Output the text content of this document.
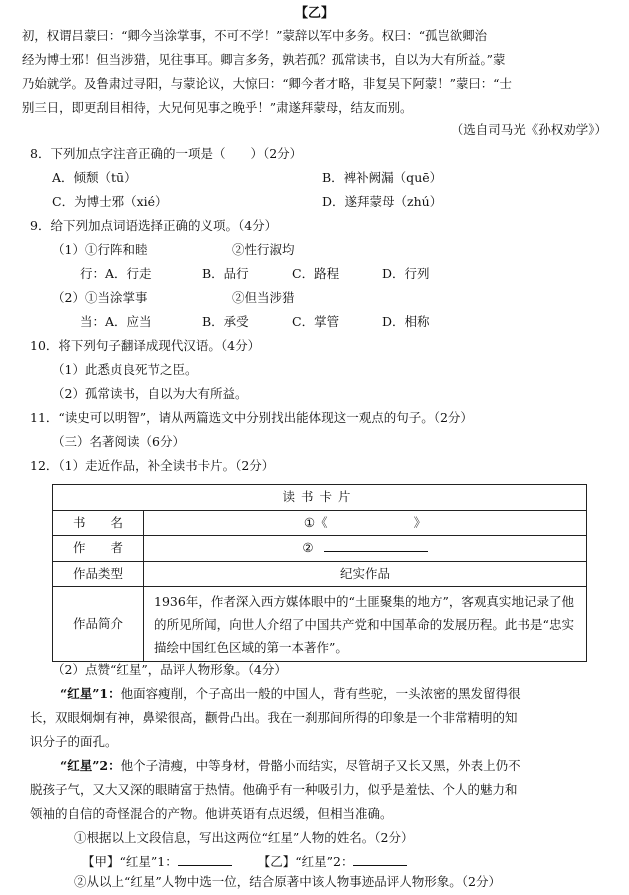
【乙】
初，权谓吕蒙曰：“卿今当涂掌事，不可不学！”蒙辞以军中多务。权曰：“孤岂欲卿治
经为博士邪！但当涉猎，见往事耳。卿言多务，孰若孤？孤常读书，自以为大有所益。”蒙
乃始就学。及鲁肃过寻阳，与蒙论议，大惊曰：“卿今者才略，非复吴下阿蒙！”蒙曰：“士
别三日，即更刮目相待，大兄何见事之晚乎！”肃遂拜蒙母，结友而别。
（选自司马光《孙权劝学》）
8．下列加点字注音正确的一项是（　　）（2分）
A．倾颓（tū）	B．裨补阙漏（quē）
C．为博士邪（xié）	D．遂拜蒙母（zhú）
9．给下列加点词语选择正确的义项。（4分）
（1）①行阵和睦	②性行淑均
行：A．行走	B．品行	C．路程	D．行列
（2）①当涂掌事	②但当涉猎
当：A．应当	B．承受	C．掌管	D．相称
10．将下列句子翻译成现代汉语。（4分）
（1）此悉贞良死节之臣。
（2）孤常读书，自以为大有所益。
11．“读史可以明智”，请从两篇选文中分别找出能体现这一观点的句子。（2分）
（三）名著阅读（6分）
12．（1）走近作品，补全读书卡片。（2分）
读书卡片	
书　　名	①《 》
作　　者	②
作品类型	纪实作品
作品简介	1936年，作者深入西方媒体眼中的“土匪聚集的地方”，客观真实地记录了他的所见所闻，向世人介绍了中国共产党和中国革命的发展历程。此书是“忠实描绘中国红色区域的第一本著作”。
（2）点赞“红星”，品评人物形象。（4分）
“红星”1：他面容瘦削，个子高出一般的中国人，背有些驼，一头浓密的黑发留得很
长，双眼炯炯有神，鼻梁很高，颧骨凸出。我在一刹那间所得的印象是一个非常精明的知
识分子的面孔。
“红星”2：他个子清瘦，中等身材，骨骼小而结实，尽管胡子又长又黑，外表上仍不
脱孩子气，又大又深的眼睛富于热情。他确乎有一种吸引力，似乎是羞怯、个人的魅力和
领袖的自信的奇怪混合的产物。他讲英语有点迟缓，但相当准确。
①根据以上文段信息，写出这两位“红星”人物的姓名。（2分）
【甲】“红星”1：	【乙】“红星”2：
②从以上“红星”人物中选一位，结合原著中该人物事迹品评人物形象。（2分）
